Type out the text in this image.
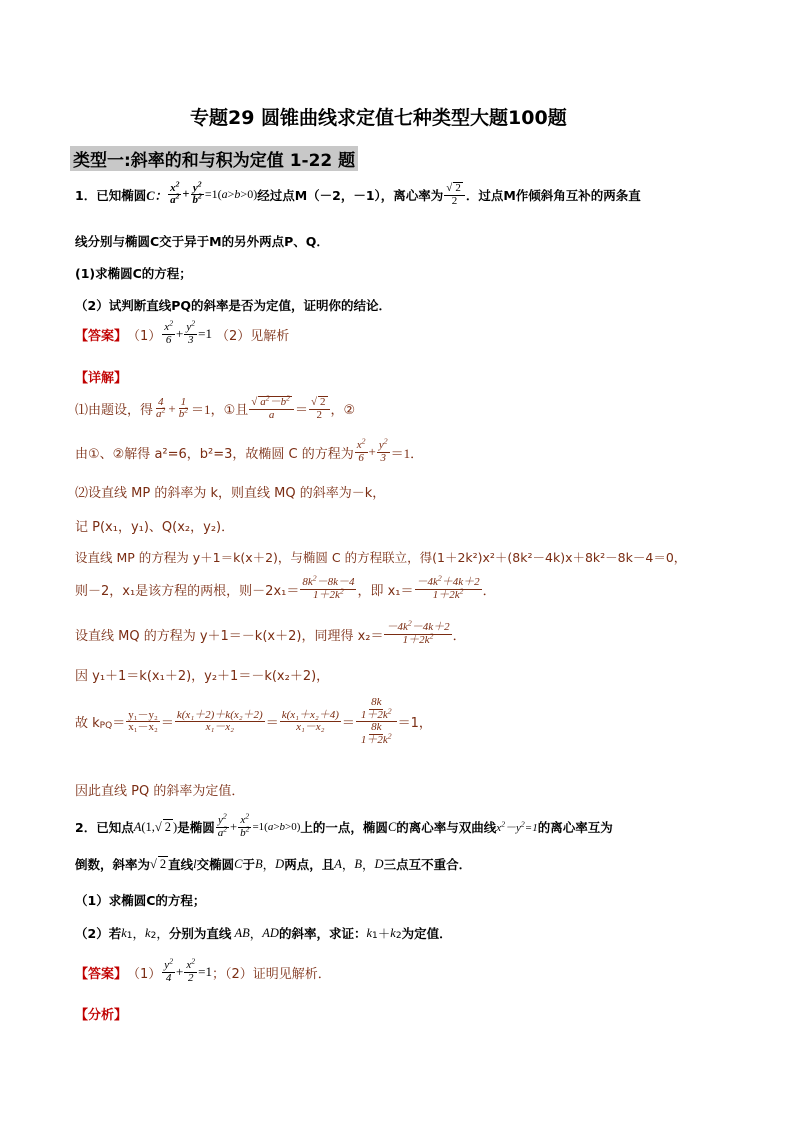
专题29 圆锥曲线求定值七种类型大题100题
类型一:斜率的和与积为定值 1-22 题
1． 已知椭圆 C： $\frac{x^2}{a^2} + \frac{y^2}{b^2} =1(a>b>0)$ 经过点M（－2，－1），离心率为 $\frac{√ 2}{2}$ ．过点M作倾斜角互补的两条直
线分别与椭圆C交于异于M的另外两点P、Q．
(1)求椭圆C的方程；
（2）试判断直线PQ的斜率是否为定值，证明你的结论．
【答案】 $(1) \frac{x^2}{6} + \frac{y^2}{3} =1$ （2）见解析
【详解】
⑴由题设，得 $\frac{4}{a^2} + \frac{1}{b^2} =1$ ，①且 $\frac{√ a^2-b^2}{a} = \frac{√ 2}{2}$ ，②
由①、②解得 a²=6，b²=3，故椭圆 C 的方程为 $\frac{x^2}{6} + \frac{y^2}{3} =1$ ．
⑵设直线 MP 的斜率为 k，则直线 MQ 的斜率为－k，
记 P(x₁，y₁)、Q(x₂，y₂)．
设直线 MP 的方程为 y＋1＝k(x＋2)，与椭圆 C 的方程联立，得(1＋2k²)x²＋(8k²－4k)x＋8k²－8k－4＝0，
则－2，x₁是该方程的两根，则$-2x_1= \frac{8k^2-8k-4}{1+2k^2}$ ，即 $x_1= \frac{-4k^2+4k+2}{1+2k^2}$ ．
设直线 MQ 的方程为 y＋1＝－k(x＋2)，同理得 $x_2= \frac{-4k^2-4k+2}{1+2k^2}$ ．
因 y₁＋1＝k(x₁＋2)，y₂＋1＝－k(x₂＋2)，
故 k PQ ＝ $\frac{\text{y₁－y₂}}{\text{x₁－x₂}} = \frac{\text{k(x₁＋2)＋k(x₂＋2)}}{\text{x₁－x₂}} = \frac{\text{k(x₁＋x₂＋4)}}{\text{x₁－x₂}} = \frac{\frac{8k}{1+2k^2}}{\frac{8k}{1+2k^2}} =1$，
因此直线 PQ 的斜率为定值．
2． 已知点 A (1,√ 2 ) 是椭圆 $\frac{y^2}{a^2} + \frac{x^2}{b^2} =1(a>b>0)$ 上的一点，椭圆 C 的离心率与双曲线 $x^2-y^2=1$ 的离心率互为
倒数，斜率为 √ 2 直线 l 交椭圆 C 于 B ， D 两点，且 A ， B ， D 三点互不重合．
（1）求椭圆C的方程；
（2）若 k 1 ， k 2 ， 分别为直线 AB ， AD 的斜率，求证： k 1 ＋ k 2 为定值．
【答案】 $(1) \frac{y^2}{4} + \frac{x^2}{2} =1$ ；（2）证明见解析．
【分析】
